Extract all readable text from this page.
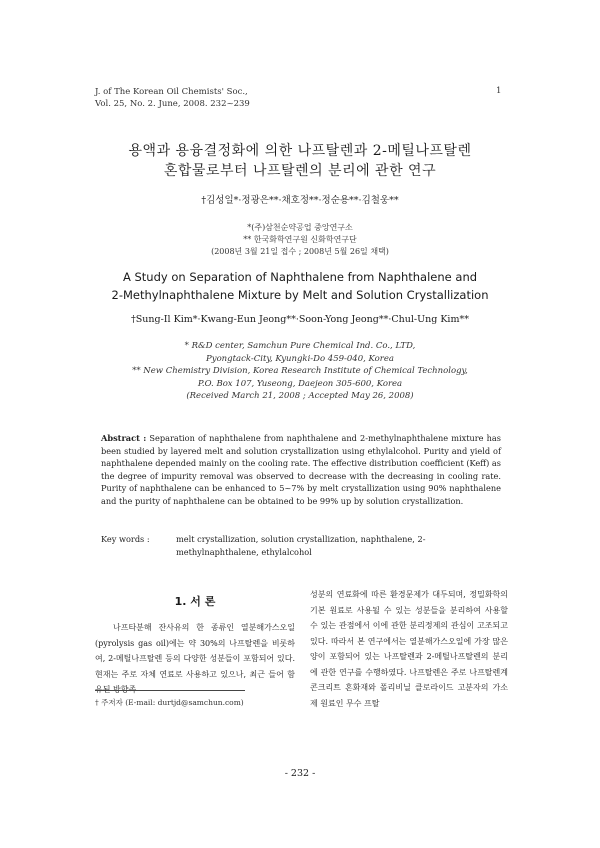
J. of The Korean Oil Chemists' Soc.,
Vol. 25, No. 2. June, 2008. 232~239
1
용액과 용융결정화에 의한 나프탈렌과 2-메틸나프탈렌
혼합물로부터 나프탈렌의 분리에 관한 연구
†김성일*·정광은**·채호정**·정순용**·김철웅**
*(주)삼천순약공업 중앙연구소
** 한국화학연구원 신화학연구단
(2008년 3월 21일 접수 ; 2008년 5월 26일 채택)
A Study on Separation of Naphthalene from Naphthalene and
2-Methylnaphthalene Mixture by Melt and Solution Crystallization
†Sung-Il Kim*·Kwang-Eun Jeong**·Soon-Yong Jeong**·Chul-Ung Kim**
* R&D center, Samchun Pure Chemical Ind. Co., LTD,
Pyongtack-City, Kyungki-Do 459-040, Korea
** New Chemistry Division, Korea Research Institute of Chemical Technology,
P.O. Box 107, Yuseong, Daejeon 305-600, Korea
(Received March 21, 2008 ; Accepted May 26, 2008)
Abstract : Separation of naphthalene from naphthalene and 2-methylnaphthalene mixture has been studied by layered melt and solution crystallization using ethylalcohol. Purity and yield of naphthalene depended mainly on the cooling rate. The effective distribution coefficient (Keff) as the degree of impurity removal was observed to decrease with the decreasing in cooling rate. Purity of naphthalene can be enhanced to 5~7% by melt crystallization using 90% naphthalene and the purity of naphthalene can be obtained to be 99% up by solution crystallization.
Key words :	melt crystallization, solution crystallization, naphthalene, 2-methylnaphthalene, ethylalcohol
1. 서 론
나프타분해 잔사유의 한 종류인 열분해가스오일(pyrolysis gas oil)에는 약 30%의 나프탈렌을 비롯하여, 2-메틸나프탈렌 등의 다양한 성분들이 포함되어 있다. 현재는 주로 자체 연료로 사용하고 있으나, 최근 들어 함유된 방향족
성분의 연료화에 따른 환경문제가 대두되며, 정밀화학의 기본 원료로 사용될 수 있는 성분들을 분리하여 사용할 수 있는 관점에서 이에 관한 분리정제의 관심이 고조되고 있다. 따라서 본 연구에서는 열분해가스오일에 가장 많은 양이 포함되어 있는 나프탈렌과 2-메틸나프탈렌의 분리에 관한 연구를 수행하였다. 나프탈렌은 주로 나프탈렌계 콘크리트 혼화재와 폴리비닐 클로라이드 고분자의 가소제 원료인 무수 프탈
† 주저자 (E-mail: durtjd@samchun.com)
- 232 -
